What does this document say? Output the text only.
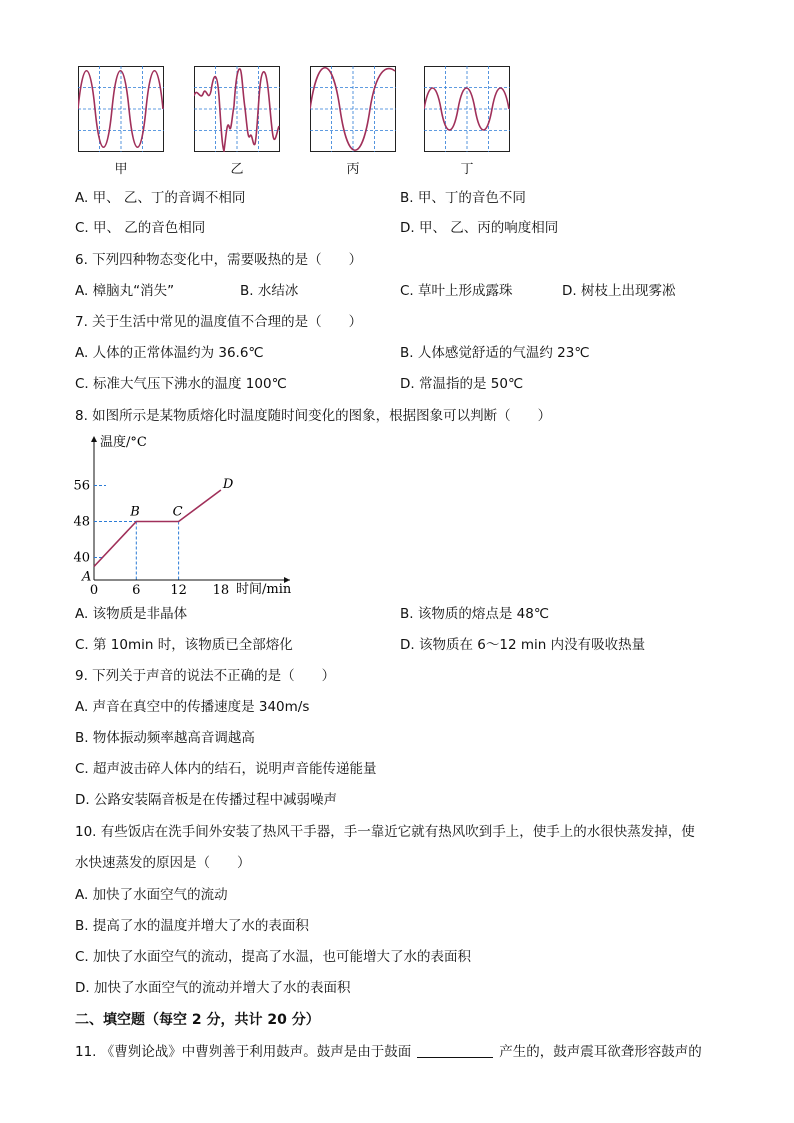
甲	乙	丙	丁
A. 甲、 乙、丁的音调不相同	B. 甲、丁的音色不同
C. 甲、 乙的音色相同	D. 甲、 乙、丙的响度相同
6. 下列四种物态变化中，需要吸热的是（　　）
A. 樟脑丸“消失”	B. 水结冰	C. 草叶上形成露珠	D. 树枝上出现雾凇
7. 关于生活中常见的温度值不合理的是（　　）
A. 人体的正常体温约为 36.6℃	B. 人体感觉舒适的气温约 23℃
C. 标准大气压下沸水的温度 100℃	D. 常温指的是 50℃
8. 如图所示是某物质熔化时温度随时间变化的图象，根据图象可以判断（　　）
温度/°C
时间/min
0	6 12 18
40
48
56
A
B	C
D
A. 该物质是非晶体	B. 该物质的熔点是 48℃
C. 第 10min 时，该物质已全部熔化	D. 该物质在 6～12 min 内没有吸收热量
9. 下列关于声音的说法不正确的是（　　）
A. 声音在真空中的传播速度是 340m/s
B. 物体振动频率越高音调越高
C. 超声波击碎人体内的结石，说明声音能传递能量
D. 公路安装隔音板是在传播过程中减弱噪声
10. 有些饭店在洗手间外安装了热风干手器，手一靠近它就有热风吹到手上，使手上的水很快蒸发掉，使
水快速蒸发的原因是（　　）
A. 加快了水面空气的流动
B. 提高了水的温度并增大了水的表面积
C. 加快了水面空气的流动，提高了水温，也可能增大了水的表面积
D. 加快了水面空气的流动并增大了水的表面积
二、填空题（每空 2 分，共计 20 分）
11. 《曹刿论战》中曹刿善于利用鼓声。鼓声是由于鼓面	产生的，鼓声震耳欲聋形容鼓声的
